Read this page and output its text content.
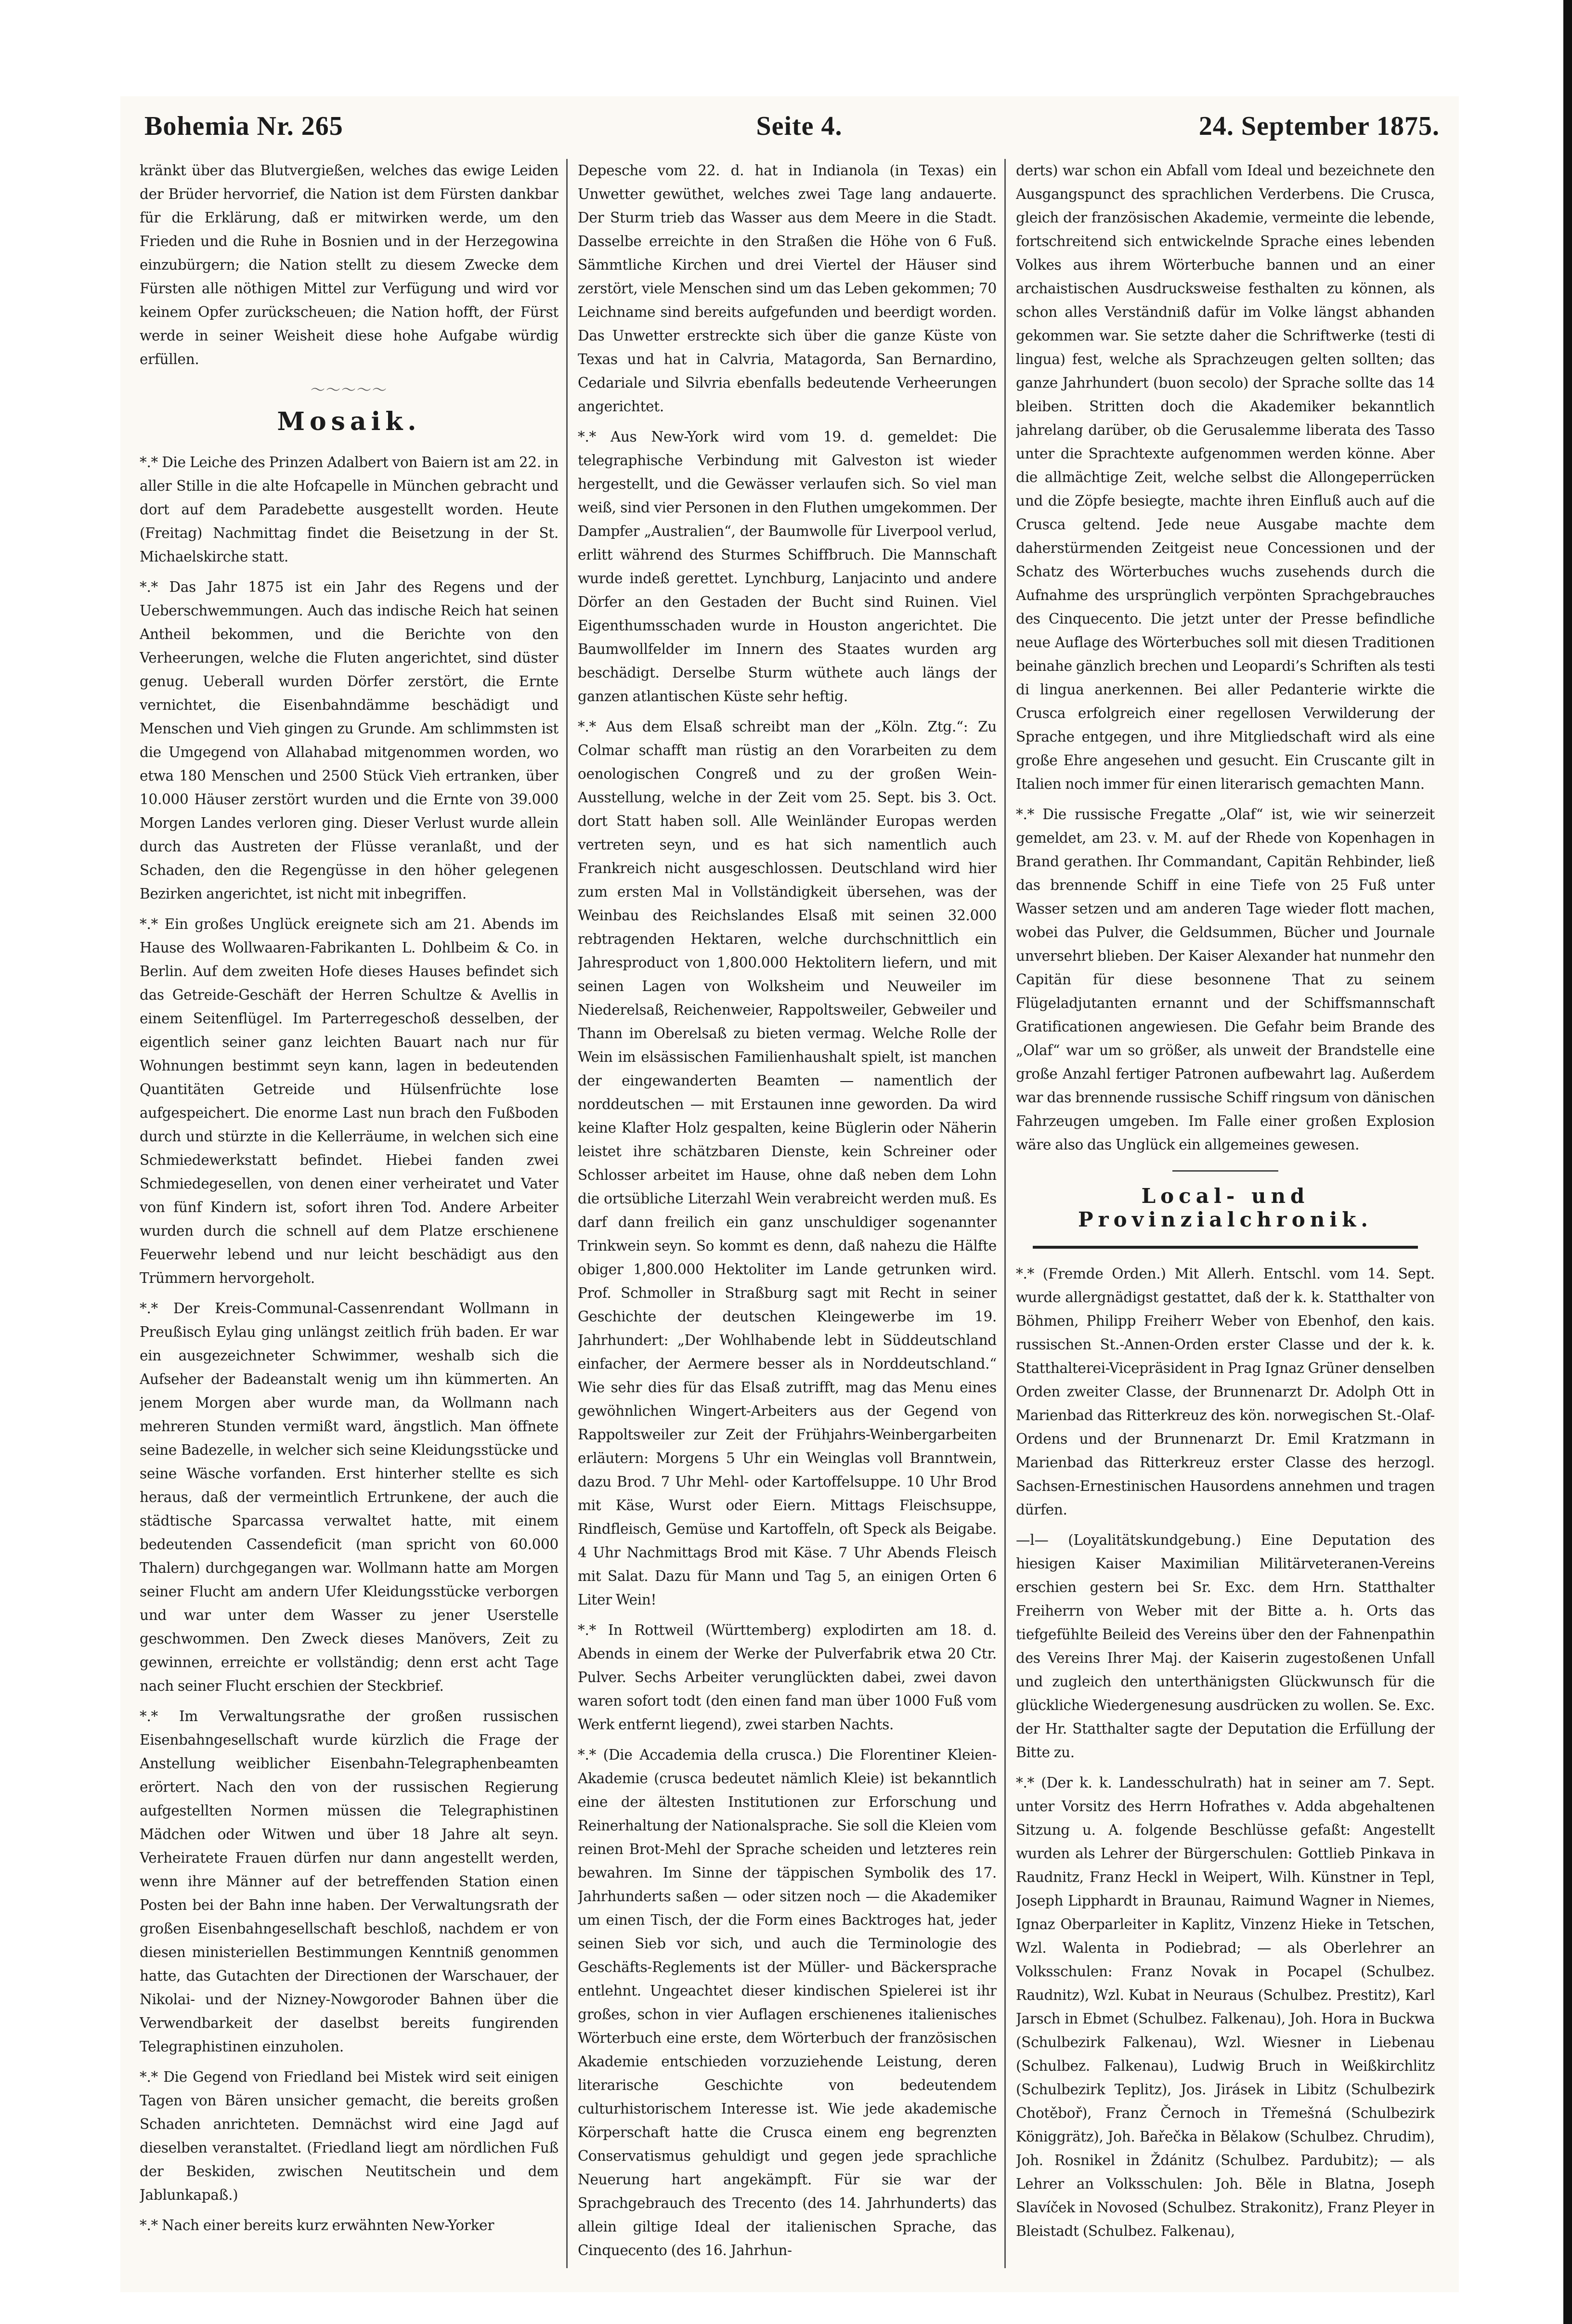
Bohemia Nr. 265	Seite 4.	24. September 1875.

kränkt über das Blutvergießen, welches das ewige Leiden der Brüder hervorrief, die Nation ist dem Fürsten dankbar für die Erklärung, daß er mitwirken werde, um den Frieden und die Ruhe in Bosnien und in der Herzegowina einzubürgern; die Nation stellt zu diesem Zwecke dem Fürsten alle nöthigen Mittel zur Verfügung und wird vor keinem Opfer zurückscheuen; die Nation hofft, der Fürst werde in seiner Weisheit diese hohe Aufgabe würdig erfüllen.

〜〜〜〜〜
Mosaik.

*.* Die Leiche des Prinzen Adalbert von Baiern ist am 22. in aller Stille in die alte Hofcapelle in München gebracht und dort auf dem Paradebette ausgestellt worden. Heute (Freitag) Nachmittag findet die Beisetzung in der St. Michaelskirche statt.

*.* Das Jahr 1875 ist ein Jahr des Regens und der Ueberschwemmungen. Auch das indische Reich hat seinen Antheil bekommen, und die Berichte von den Verheerungen, welche die Fluten angerichtet, sind düster genug. Ueberall wurden Dörfer zerstört, die Ernte vernichtet, die Eisenbahndämme beschädigt und Menschen und Vieh gingen zu Grunde. Am schlimmsten ist die Umgegend von Allahabad mitgenommen worden, wo etwa 180 Menschen und 2500 Stück Vieh ertranken, über 10.000 Häuser zerstört wurden und die Ernte von 39.000 Morgen Landes verloren ging. Dieser Verlust wurde allein durch das Austreten der Flüsse veranlaßt, und der Schaden, den die Regengüsse in den höher gelegenen Bezirken angerichtet, ist nicht mit inbegriffen.

*.* Ein großes Unglück ereignete sich am 21. Abends im Hause des Wollwaaren-Fabrikanten L. Dohlbeim & Co. in Berlin. Auf dem zweiten Hofe dieses Hauses befindet sich das Getreide-Geschäft der Herren Schultze & Avellis in einem Seitenflügel. Im Parterregeschoß desselben, der eigentlich seiner ganz leichten Bauart nach nur für Wohnungen bestimmt seyn kann, lagen in bedeutenden Quantitäten Getreide und Hülsenfrüchte lose aufgespeichert. Die enorme Last nun brach den Fußboden durch und stürzte in die Kellerräume, in welchen sich eine Schmiedewerkstatt befindet. Hiebei fanden zwei Schmiedegesellen, von denen einer verheiratet und Vater von fünf Kindern ist, sofort ihren Tod. Andere Arbeiter wurden durch die schnell auf dem Platze erschienene Feuerwehr lebend und nur leicht beschädigt aus den Trümmern hervorgeholt.

*.* Der Kreis-Communal-Cassenrendant Wollmann in Preußisch Eylau ging unlängst zeitlich früh baden. Er war ein ausgezeichneter Schwimmer, weshalb sich die Aufseher der Badeanstalt wenig um ihn kümmerten. An jenem Morgen aber wurde man, da Wollmann nach mehreren Stunden vermißt ward, ängstlich. Man öffnete seine Badezelle, in welcher sich seine Kleidungsstücke und seine Wäsche vorfanden. Erst hinterher stellte es sich heraus, daß der vermeintlich Ertrunkene, der auch die städtische Sparcassa verwaltet hatte, mit einem bedeutenden Cassendeficit (man spricht von 60.000 Thalern) durchgegangen war. Wollmann hatte am Morgen seiner Flucht am andern Ufer Kleidungsstücke verborgen und war unter dem Wasser zu jener Userstelle geschwommen. Den Zweck dieses Manövers, Zeit zu gewinnen, erreichte er vollständig; denn erst acht Tage nach seiner Flucht erschien der Steckbrief.

*.* Im Verwaltungsrathe der großen russischen Eisenbahngesellschaft wurde kürzlich die Frage der Anstellung weiblicher Eisenbahn-Telegraphenbeamten erörtert. Nach den von der russischen Regierung aufgestellten Normen müssen die Telegraphistinen Mädchen oder Witwen und über 18 Jahre alt seyn. Verheiratete Frauen dürfen nur dann angestellt werden, wenn ihre Männer auf der betreffenden Station einen Posten bei der Bahn inne haben. Der Verwaltungsrath der großen Eisenbahngesellschaft beschloß, nachdem er von diesen ministeriellen Bestimmungen Kenntniß genommen hatte, das Gutachten der Directionen der Warschauer, der Nikolai- und der Nizney-Nowgoroder Bahnen über die Verwendbarkeit der daselbst bereits fungirenden Telegraphistinen einzuholen.

*.* Die Gegend von Friedland bei Mistek wird seit einigen Tagen von Bären unsicher gemacht, die bereits großen Schaden anrichteten. Demnächst wird eine Jagd auf dieselben veranstaltet. (Friedland liegt am nördlichen Fuß der Beskiden, zwischen Neutitschein und dem Jablunkapaß.)

*.* Nach einer bereits kurz erwähnten New-Yorker

Depesche vom 22. d. hat in Indianola (in Texas) ein Unwetter gewüthet, welches zwei Tage lang andauerte. Der Sturm trieb das Wasser aus dem Meere in die Stadt. Dasselbe erreichte in den Straßen die Höhe von 6 Fuß. Sämmtliche Kirchen und drei Viertel der Häuser sind zerstört, viele Menschen sind um das Leben gekommen; 70 Leichname sind bereits aufgefunden und beerdigt worden. Das Unwetter erstreckte sich über die ganze Küste von Texas und hat in Calvria, Matagorda, San Bernardino, Cedariale und Silvria ebenfalls bedeutende Verheerungen angerichtet.

*.* Aus New-York wird vom 19. d. gemeldet: Die telegraphische Verbindung mit Galveston ist wieder hergestellt, und die Gewässer verlaufen sich. So viel man weiß, sind vier Personen in den Fluthen umgekommen. Der Dampfer „Australien“, der Baumwolle für Liverpool verlud, erlitt während des Sturmes Schiffbruch. Die Mannschaft wurde indeß gerettet. Lynchburg, Lanjacinto und andere Dörfer an den Gestaden der Bucht sind Ruinen. Viel Eigenthumsschaden wurde in Houston angerichtet. Die Baumwollfelder im Innern des Staates wurden arg beschädigt. Derselbe Sturm wüthete auch längs der ganzen atlantischen Küste sehr heftig.

*.* Aus dem Elsaß schreibt man der „Köln. Ztg.“: Zu Colmar schafft man rüstig an den Vorarbeiten zu dem oenologischen Congreß und zu der großen Wein-Ausstellung, welche in der Zeit vom 25. Sept. bis 3. Oct. dort Statt haben soll. Alle Weinländer Europas werden vertreten seyn, und es hat sich namentlich auch Frankreich nicht ausgeschlossen. Deutschland wird hier zum ersten Mal in Vollständigkeit übersehen, was der Weinbau des Reichslandes Elsaß mit seinen 32.000 rebtragenden Hektaren, welche durchschnittlich ein Jahresproduct von 1,800.000 Hektolitern liefern, und mit seinen Lagen von Wolksheim und Neuweiler im Niederelsaß, Reichenweier, Rappoltsweiler, Gebweiler und Thann im Oberelsaß zu bieten vermag. Welche Rolle der Wein im elsässischen Familienhaushalt spielt, ist manchen der eingewanderten Beamten — namentlich der norddeutschen — mit Erstaunen inne geworden. Da wird keine Klafter Holz gespalten, keine Büglerin oder Näherin leistet ihre schätzbaren Dienste, kein Schreiner oder Schlosser arbeitet im Hause, ohne daß neben dem Lohn die ortsübliche Literzahl Wein verabreicht werden muß. Es darf dann freilich ein ganz unschuldiger sogenannter Trinkwein seyn. So kommt es denn, daß nahezu die Hälfte obiger 1,800.000 Hektoliter im Lande getrunken wird. Prof. Schmoller in Straßburg sagt mit Recht in seiner Geschichte der deutschen Kleingewerbe im 19. Jahrhundert: „Der Wohlhabende lebt in Süddeutschland einfacher, der Aermere besser als in Norddeutschland.“ Wie sehr dies für das Elsaß zutrifft, mag das Menu eines gewöhnlichen Wingert-Arbeiters aus der Gegend von Rappoltsweiler zur Zeit der Frühjahrs-Weinbergarbeiten erläutern: Morgens 5 Uhr ein Weinglas voll Branntwein, dazu Brod. 7 Uhr Mehl- oder Kartoffelsuppe. 10 Uhr Brod mit Käse, Wurst oder Eiern. Mittags Fleischsuppe, Rindfleisch, Gemüse und Kartoffeln, oft Speck als Beigabe. 4 Uhr Nachmittags Brod mit Käse. 7 Uhr Abends Fleisch mit Salat. Dazu für Mann und Tag 5, an einigen Orten 6 Liter Wein!

*.* In Rottweil (Württemberg) explodirten am 18. d. Abends in einem der Werke der Pulverfabrik etwa 20 Ctr. Pulver. Sechs Arbeiter verunglückten dabei, zwei davon waren sofort todt (den einen fand man über 1000 Fuß vom Werk entfernt liegend), zwei starben Nachts.

*.* (Die Accademia della crusca.) Die Florentiner Kleien-Akademie (crusca bedeutet nämlich Kleie) ist bekanntlich eine der ältesten Institutionen zur Erforschung und Reinerhaltung der Nationalsprache. Sie soll die Kleien vom reinen Brot-Mehl der Sprache scheiden und letzteres rein bewahren. Im Sinne der täppischen Symbolik des 17. Jahrhunderts saßen — oder sitzen noch — die Akademiker um einen Tisch, der die Form eines Backtroges hat, jeder seinen Sieb vor sich, und auch die Terminologie des Geschäfts-Reglements ist der Müller- und Bäckersprache entlehnt. Ungeachtet dieser kindischen Spielerei ist ihr großes, schon in vier Auflagen erschienenes italienisches Wörterbuch eine erste, dem Wörterbuch der französischen Akademie entschieden vorzuziehende Leistung, deren literarische Geschichte von bedeutendem culturhistorischem Interesse ist. Wie jede akademische Körperschaft hatte die Crusca einem eng begrenzten Conservatismus gehuldigt und gegen jede sprachliche Neuerung hart angekämpft. Für sie war der Sprachgebrauch des Trecento (des 14. Jahrhunderts) das allein giltige Ideal der italienischen Sprache, das Cinquecento (des 16. Jahrhun-

derts) war schon ein Abfall vom Ideal und bezeichnete den Ausgangspunct des sprachlichen Verderbens. Die Crusca, gleich der französischen Akademie, vermeinte die lebende, fortschreitend sich entwickelnde Sprache eines lebenden Volkes aus ihrem Wörterbuche bannen und an einer archaistischen Ausdrucksweise festhalten zu können, als schon alles Verständniß dafür im Volke längst abhanden gekommen war. Sie setzte daher die Schriftwerke (testi di lingua) fest, welche als Sprachzeugen gelten sollten; das ganze Jahrhundert (buon secolo) der Sprache sollte das 14 bleiben. Stritten doch die Akademiker bekanntlich jahrelang darüber, ob die Gerusalemme liberata des Tasso unter die Sprachtexte aufgenommen werden könne. Aber die allmächtige Zeit, welche selbst die Allongeperrücken und die Zöpfe besiegte, machte ihren Einfluß auch auf die Crusca geltend. Jede neue Ausgabe machte dem daherstürmenden Zeitgeist neue Concessionen und der Schatz des Wörterbuches wuchs zusehends durch die Aufnahme des ursprünglich verpönten Sprachgebrauches des Cinquecento. Die jetzt unter der Presse befindliche neue Auflage des Wörterbuches soll mit diesen Traditionen beinahe gänzlich brechen und Leopardi’s Schriften als testi di lingua anerkennen. Bei aller Pedanterie wirkte die Crusca erfolgreich einer regellosen Verwilderung der Sprache entgegen, und ihre Mitgliedschaft wird als eine große Ehre angesehen und gesucht. Ein Cruscante gilt in Italien noch immer für einen literarisch gemachten Mann.

*.* Die russische Fregatte „Olaf“ ist, wie wir seinerzeit gemeldet, am 23. v. M. auf der Rhede von Kopenhagen in Brand gerathen. Ihr Commandant, Capitän Rehbinder, ließ das brennende Schiff in eine Tiefe von 25 Fuß unter Wasser setzen und am anderen Tage wieder flott machen, wobei das Pulver, die Geldsummen, Bücher und Journale unversehrt blieben. Der Kaiser Alexander hat nunmehr den Capitän für diese besonnene That zu seinem Flügeladjutanten ernannt und der Schiffsmannschaft Gratificationen angewiesen. Die Gefahr beim Brande des „Olaf“ war um so größer, als unweit der Brandstelle eine große Anzahl fertiger Patronen aufbewahrt lag. Außerdem war das brennende russische Schiff ringsum von dänischen Fahrzeugen umgeben. Im Falle einer großen Explosion wäre also das Unglück ein allgemeines gewesen.

Local- und Provinzialchronik.

*.* (Fremde Orden.) Mit Allerh. Entschl. vom 14. Sept. wurde allergnädigst gestattet, daß der k. k. Statthalter von Böhmen, Philipp Freiherr Weber von Ebenhof, den kais. russischen St.-Annen-Orden erster Classe und der k. k. Statthalterei-Vicepräsident in Prag Ignaz Grüner denselben Orden zweiter Classe, der Brunnenarzt Dr. Adolph Ott in Marienbad das Ritterkreuz des kön. norwegischen St.-Olaf-Ordens und der Brunnenarzt Dr. Emil Kratzmann in Marienbad das Ritterkreuz erster Classe des herzogl. Sachsen-Ernestinischen Hausordens annehmen und tragen dürfen.

—l— (Loyalitätskundgebung.) Eine Deputation des hiesigen Kaiser Maximilian Militärveteranen-Vereins erschien gestern bei Sr. Exc. dem Hrn. Statthalter Freiherrn von Weber mit der Bitte a. h. Orts das tiefgefühlte Beileid des Vereins über den der Fahnenpathin des Vereins Ihrer Maj. der Kaiserin zugestoßenen Unfall und zugleich den unterthänigsten Glückwunsch für die glückliche Wiedergenesung ausdrücken zu wollen. Se. Exc. der Hr. Statthalter sagte der Deputation die Erfüllung der Bitte zu.

*.* (Der k. k. Landesschulrath) hat in seiner am 7. Sept. unter Vorsitz des Herrn Hofrathes v. Adda abgehaltenen Sitzung u. A. folgende Beschlüsse gefaßt: Angestellt wurden als Lehrer der Bürgerschulen: Gottlieb Pinkava in Raudnitz, Franz Heckl in Weipert, Wilh. Künstner in Tepl, Joseph Lipphardt in Braunau, Raimund Wagner in Niemes, Ignaz Oberparleiter in Kaplitz, Vinzenz Hieke in Tetschen, Wzl. Walenta in Podiebrad; — als Oberlehrer an Volksschulen: Franz Novak in Pocapel (Schulbez. Raudnitz), Wzl. Kubat in Neuraus (Schulbez. Prestitz), Karl Jarsch in Ebmet (Schulbez. Falkenau), Joh. Hora in Buckwa (Schulbezirk Falkenau), Wzl. Wiesner in Liebenau (Schulbez. Falkenau), Ludwig Bruch in Weißkirchlitz (Schulbezirk Teplitz), Jos. Jirásek in Libitz (Schulbezirk Chotěboř), Franz Černoch in Třemešná (Schulbezirk Königgrätz), Joh. Bařečka in Bělakow (Schulbez. Chrudim), Joh. Rosnikel in Ždánitz (Schulbez. Pardubitz); — als Lehrer an Volksschulen: Joh. Běle in Blatna, Joseph Slavíček in Novosed (Schulbez. Strakonitz), Franz Pleyer in Bleistadt (Schulbez. Falkenau),
